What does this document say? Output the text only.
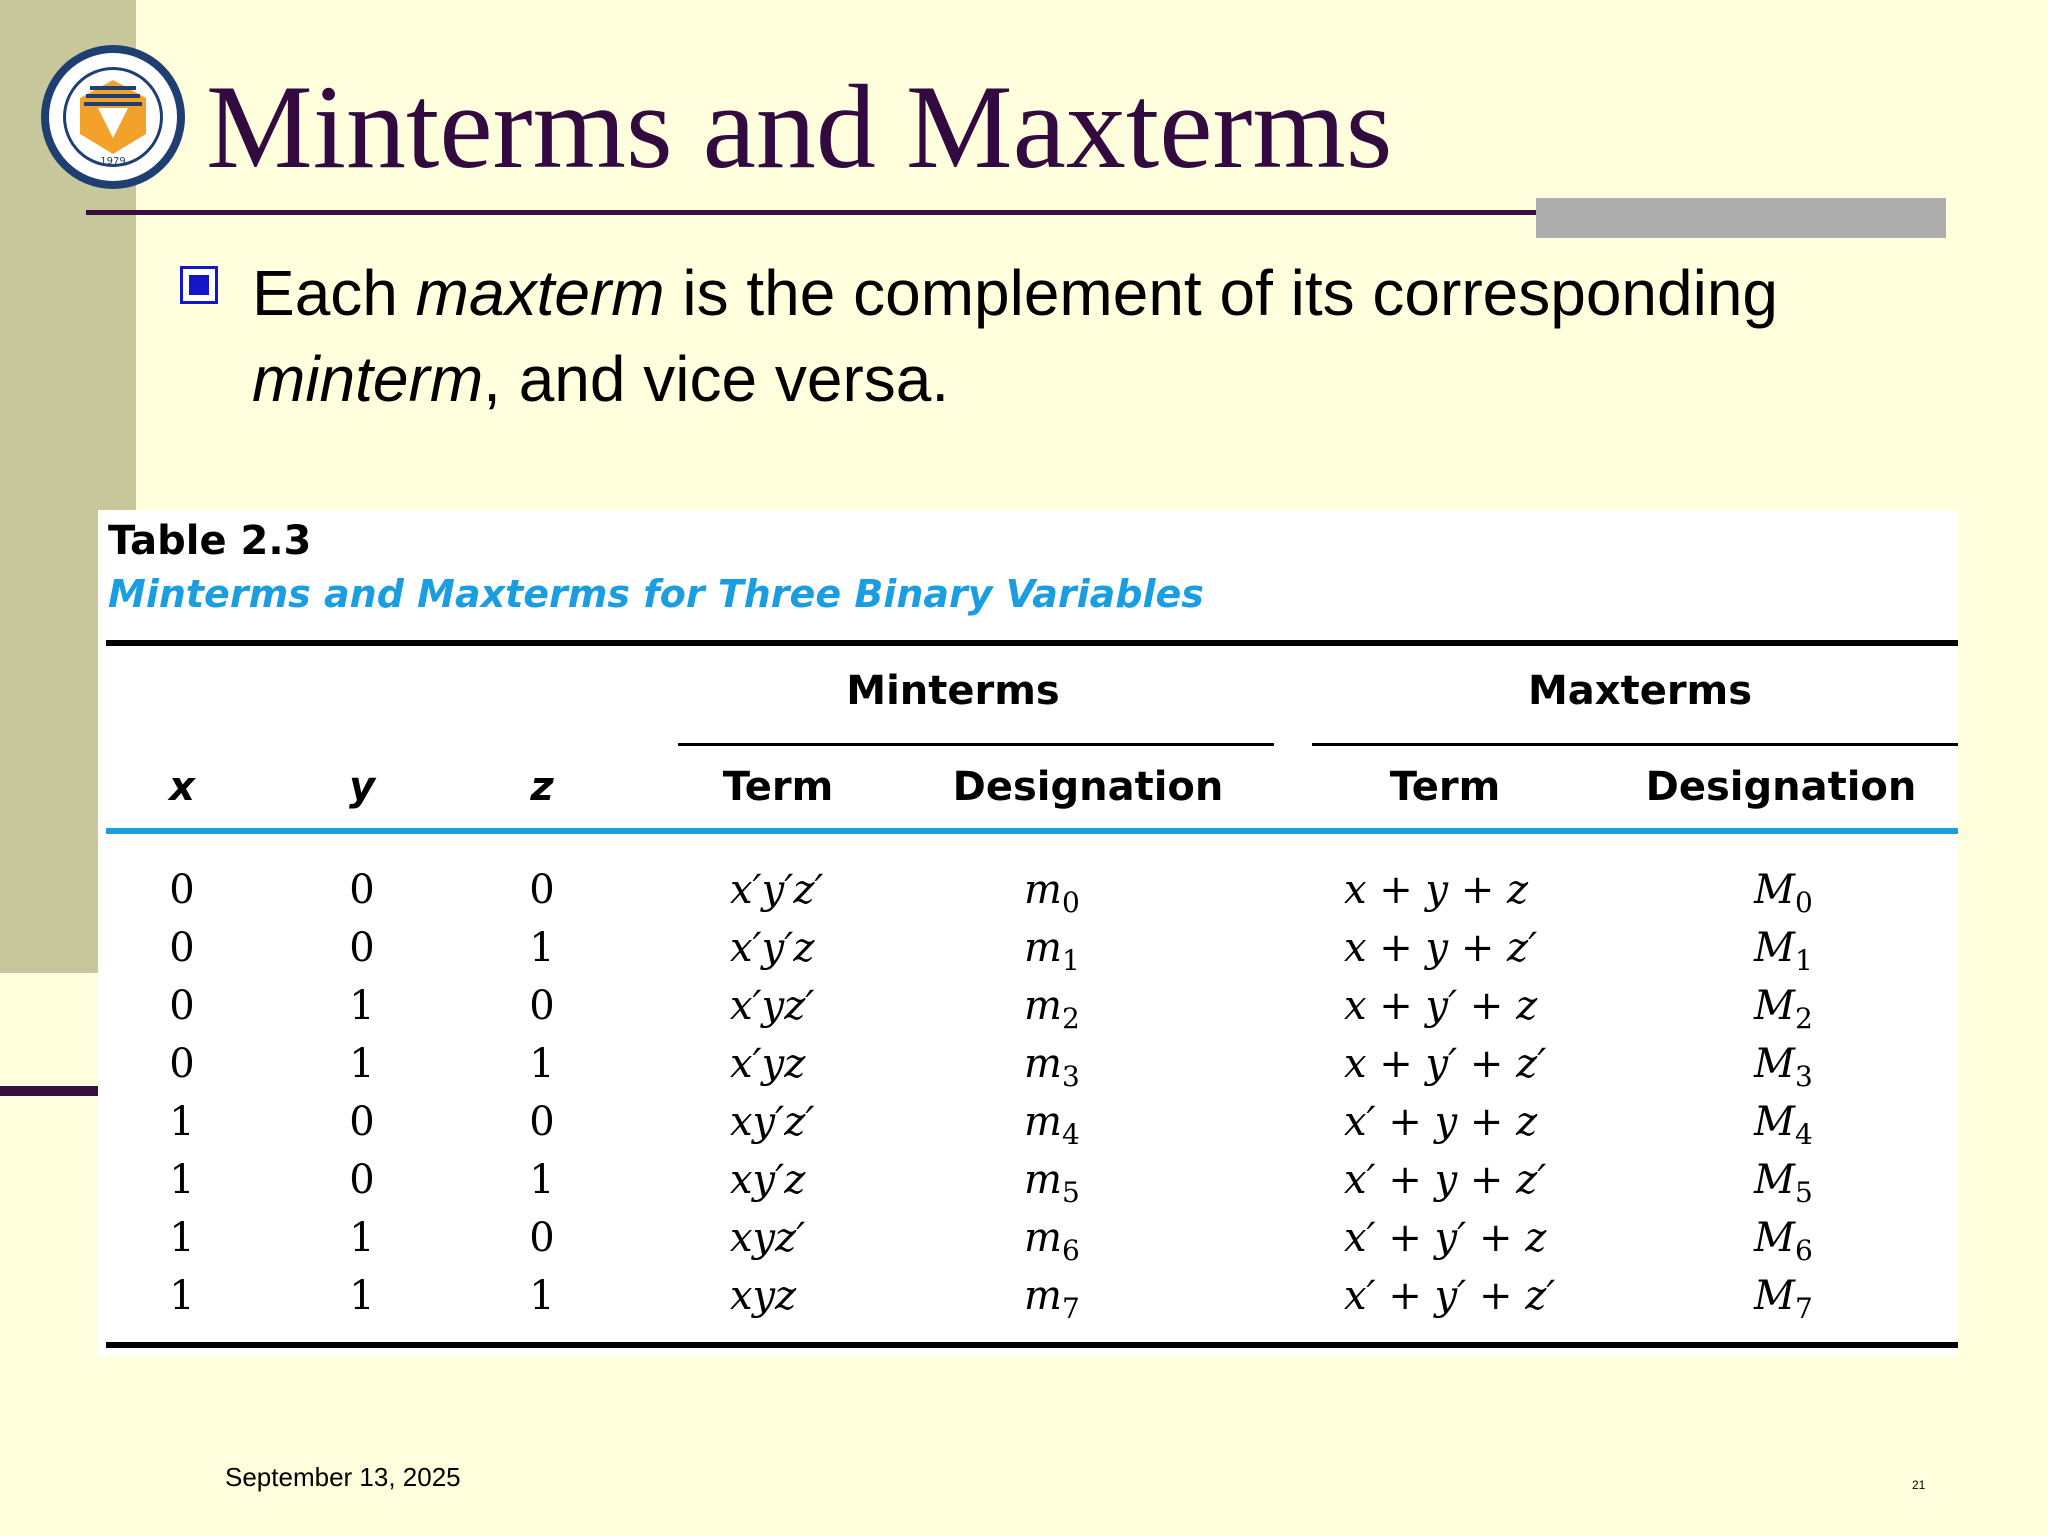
1979 Minterms and Maxterms

Each maxterm is the complement of its corresponding minterm, and vice versa.

Table 2.3
Minterms and Maxterms for Three Binary Variables
Minterms	Maxterms
x	y	z	Term	Designation	Term	Designation
0	0	0	x′y′z′	$m_0$	x + y + z	$M_0$
0	0	1	x′y′z	$m_1$	x + y + z′	$M_1$
0	1	0	x′yz′	$m_2$	x + y′ + z	$M_2$
0	1	1	x′yz	$m_3$	x + y′ + z′	$M_3$
1	0	0	xy′z′	$m_4$	x′ + y + z	$M_4$
1	0	1	xy′z	$m_5$	x′ + y + z′	$M_5$
1	1	0	xyz′	$m_6$	x′ + y′ + z	$M_6$
1	1	1	xyz	$m_7$	x′ + y′ + z′	$M_7$
September 13, 2025	21
